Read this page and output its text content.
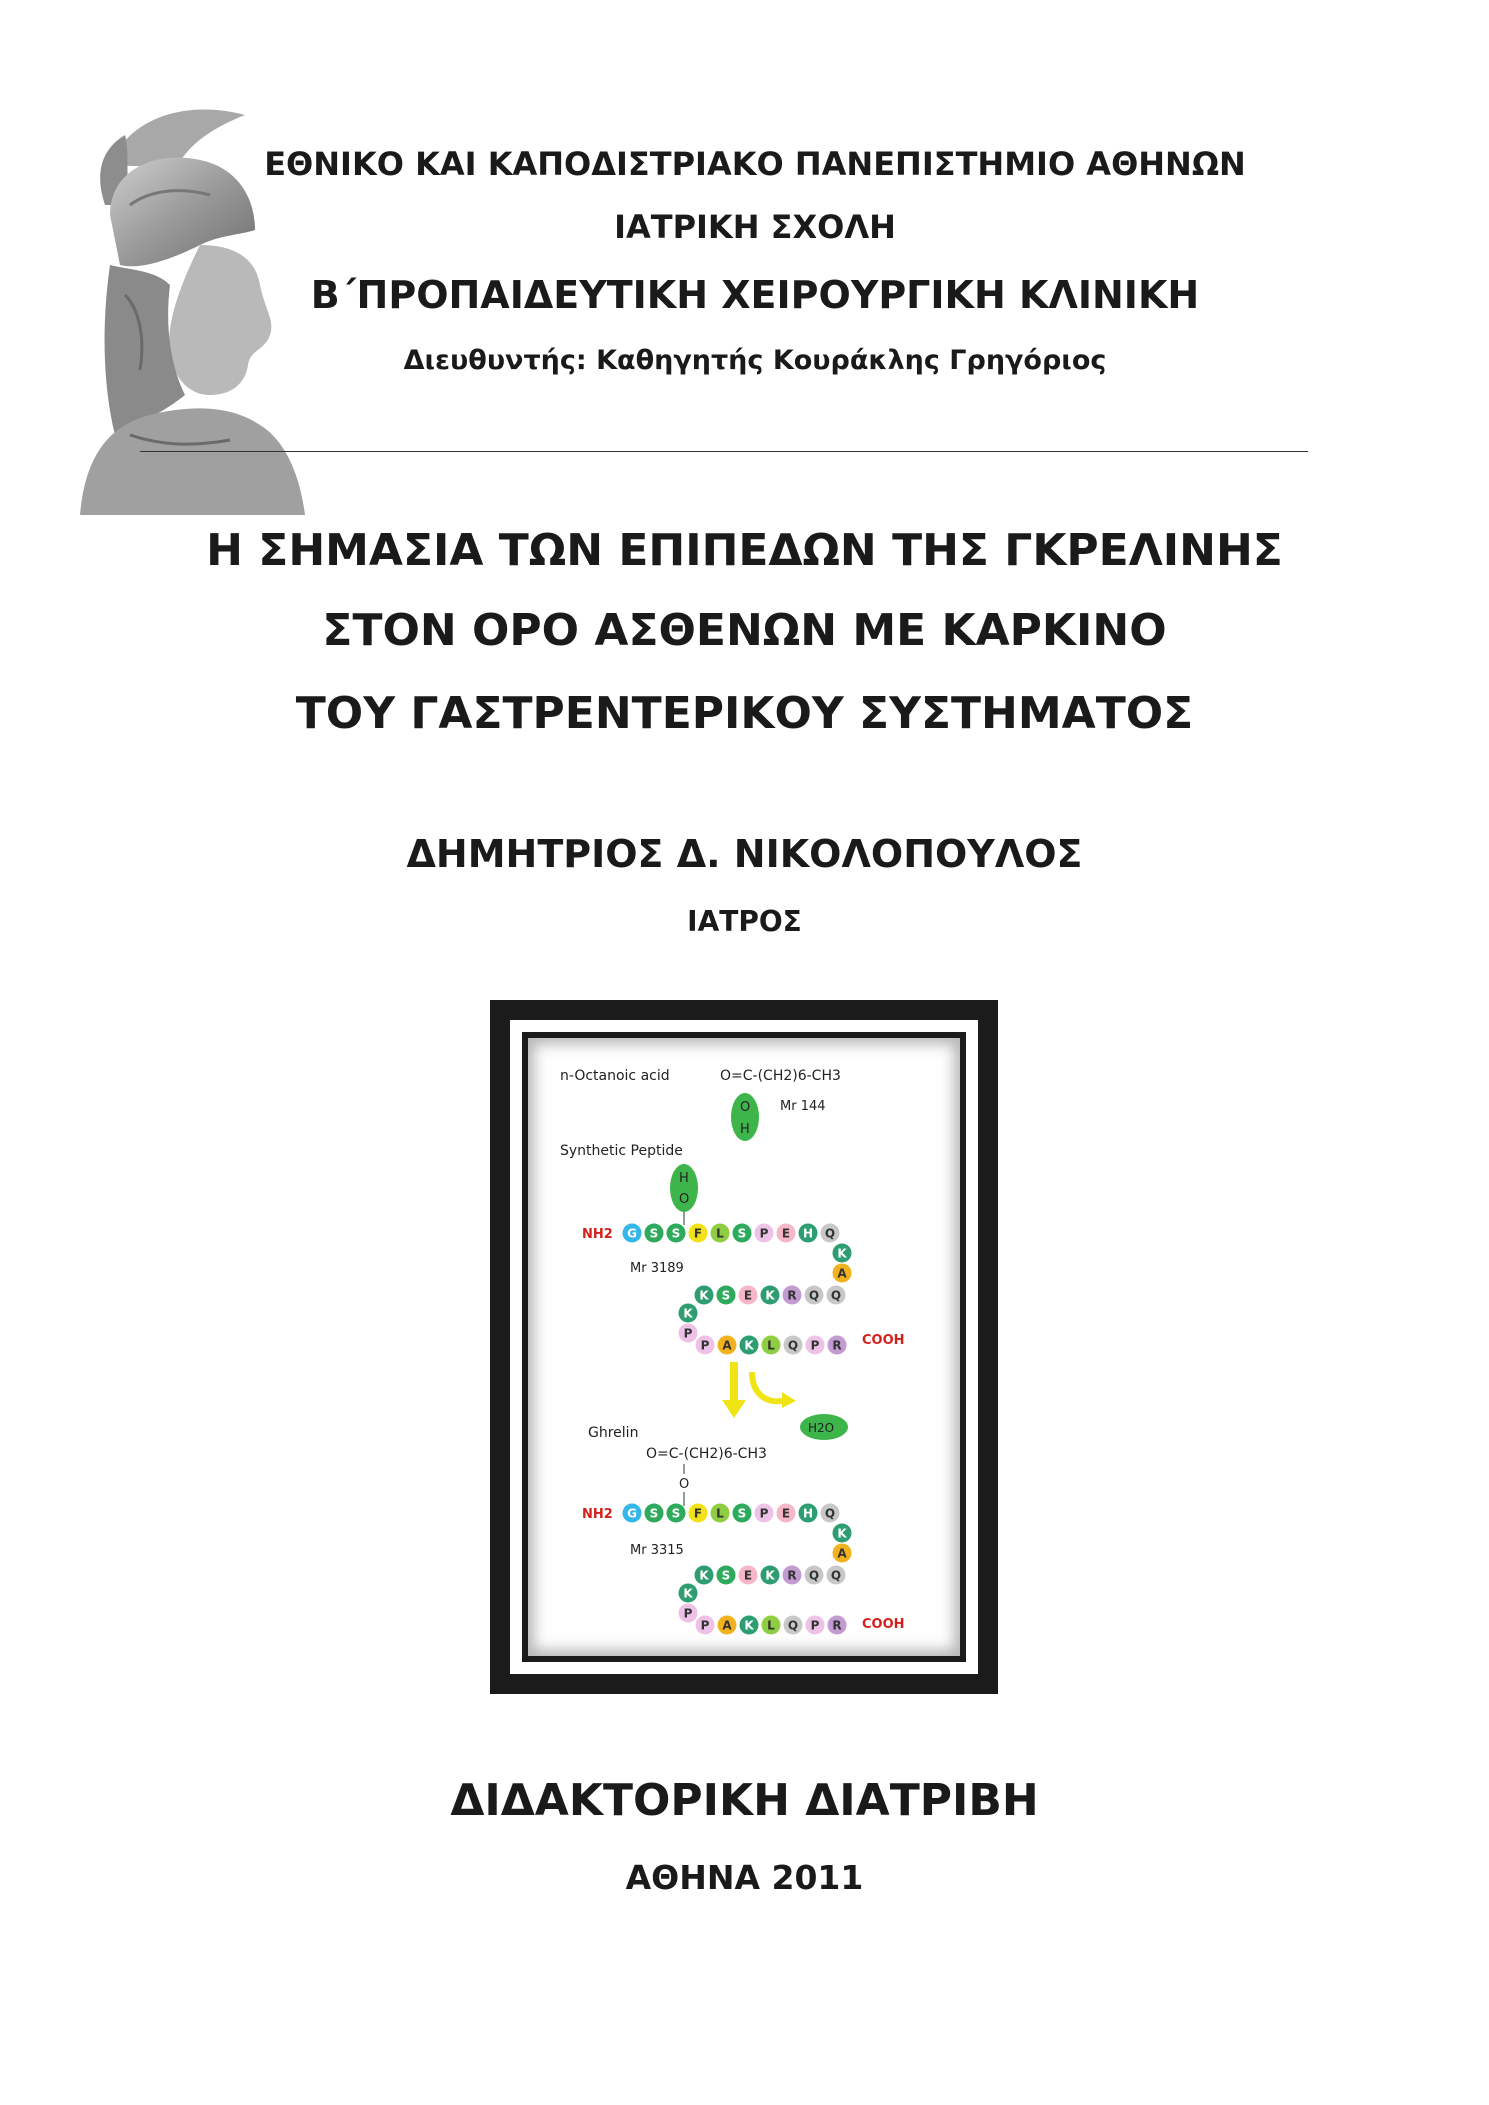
ΕΘΝΙΚΟ ΚΑΙ ΚΑΠΟΔΙΣΤΡΙΑΚΟ ΠΑΝΕΠΙΣΤΗΜΙΟ ΑΘΗΝΩΝ
ΙΑΤΡΙΚΗ ΣΧΟΛΗ
Β΄ΠΡΟΠΑΙΔΕΥΤΙΚΗ ΧΕΙΡΟΥΡΓΙΚΗ ΚΛΙΝΙΚΗ
Διευθυντής: Καθηγητής Κουράκλης Γρηγόριος
Η ΣΗΜΑΣΙΑ ΤΩΝ ΕΠΙΠΕΔΩΝ ΤΗΣ ΓΚΡΕΛΙΝΗΣ
ΣΤΟΝ ΟΡΟ ΑΣΘΕΝΩΝ ΜΕ ΚΑΡΚΙΝΟ
ΤΟΥ ΓΑΣΤΡΕΝΤΕΡΙΚΟΥ ΣΥΣΤΗΜΑΤΟΣ
ΔΗΜΗΤΡΙΟΣ Δ. ΝΙΚΟΛΟΠΟΥΛΟΣ
ΙΑΤΡΟΣ
n-Octanoic acid	O=C-(CH2)6-CH3
O
H
Mr 144
Synthetic Peptide
H
O
NH2
Mr 3189
COOH
G S S F L S P E H Q
K
A
Q
Q
R
K
E
S
K
K
P
P A K L Q P R
H2O
Ghrelin
O=C-(CH2)6-CH3
O
NH2
Mr 3315
COOH
G S S F L S P E H Q
K
A
Q
Q
R
K
E
S
K
K
P
P A K L Q P R
ΔΙΔΑΚΤΟΡΙΚΗ ΔΙΑΤΡΙΒΗ
ΑΘΗΝΑ 2011
